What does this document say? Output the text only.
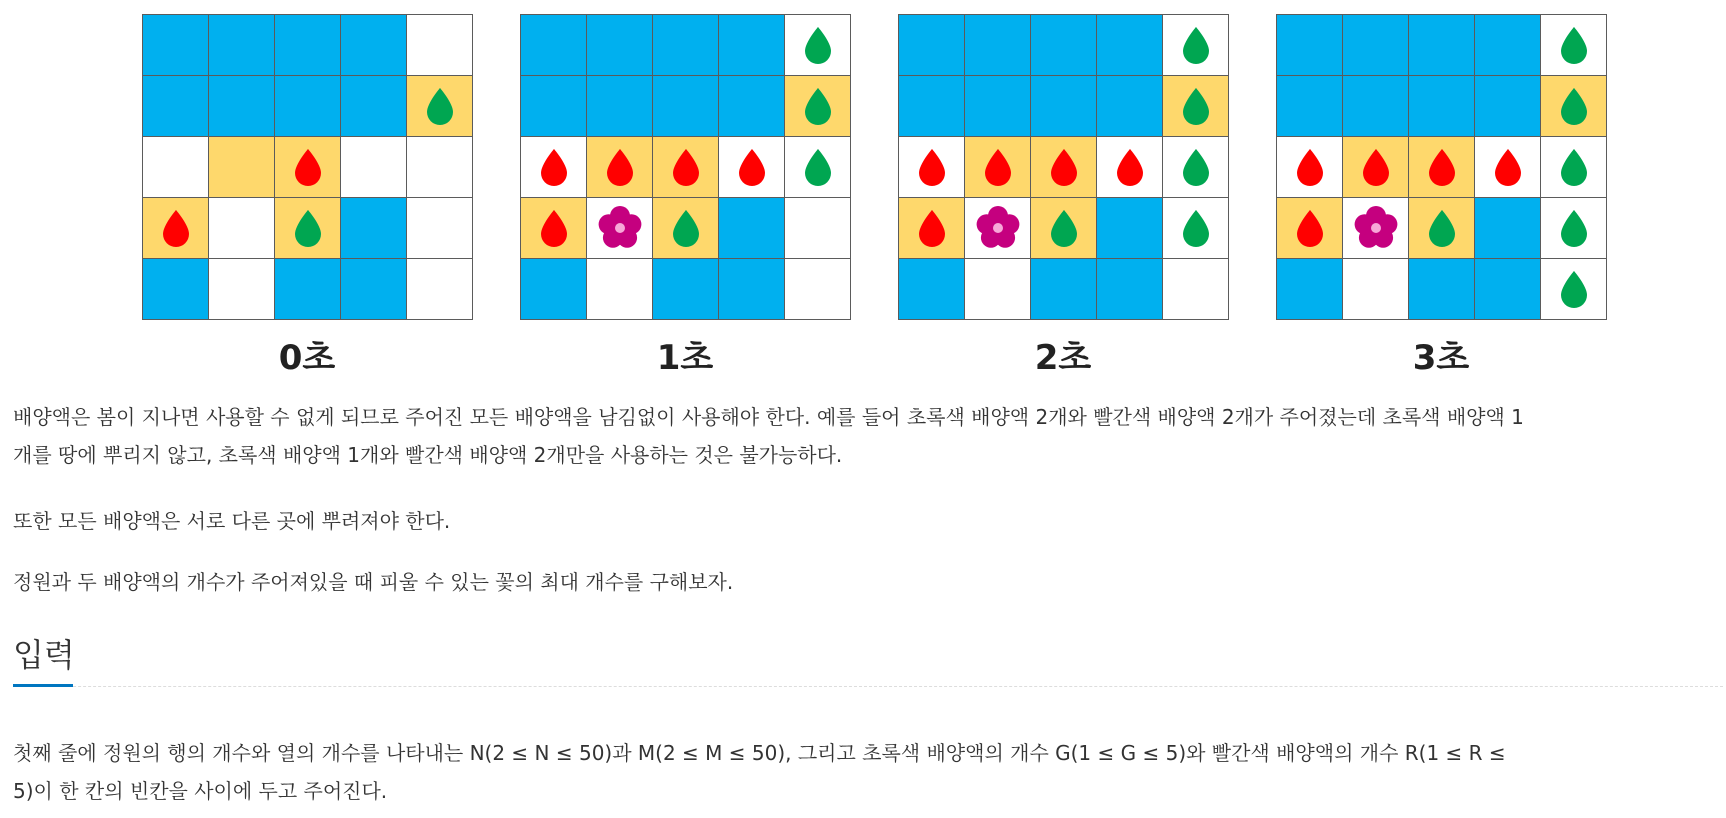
0초

					1초

					2초

					3초

배양액은 봄이 지나면 사용할 수 없게 되므로 주어진 모든 배양액을 남김없이 사용해야 한다. 예를 들어 초록색 배양액 2개와 빨간색 배양액 2개가 주어졌는데 초록색 배양액 1

개를 땅에 뿌리지 않고, 초록색 배양액 1개와 빨간색 배양액 2개만을 사용하는 것은 불가능하다.

또한 모든 배양액은 서로 다른 곳에 뿌려져야 한다.

정원과 두 배양액의 개수가 주어져있을 때 피울 수 있는 꽃의 최대 개수를 구해보자.

입력

첫째 줄에 정원의 행의 개수와 열의 개수를 나타내는 N(2 ≤ N ≤ 50)과 M(2 ≤ M ≤ 50), 그리고 초록색 배양액의 개수 G(1 ≤ G ≤ 5)와 빨간색 배양액의 개수 R(1 ≤ R ≤

5)이 한 칸의 빈칸을 사이에 두고 주어진다.
